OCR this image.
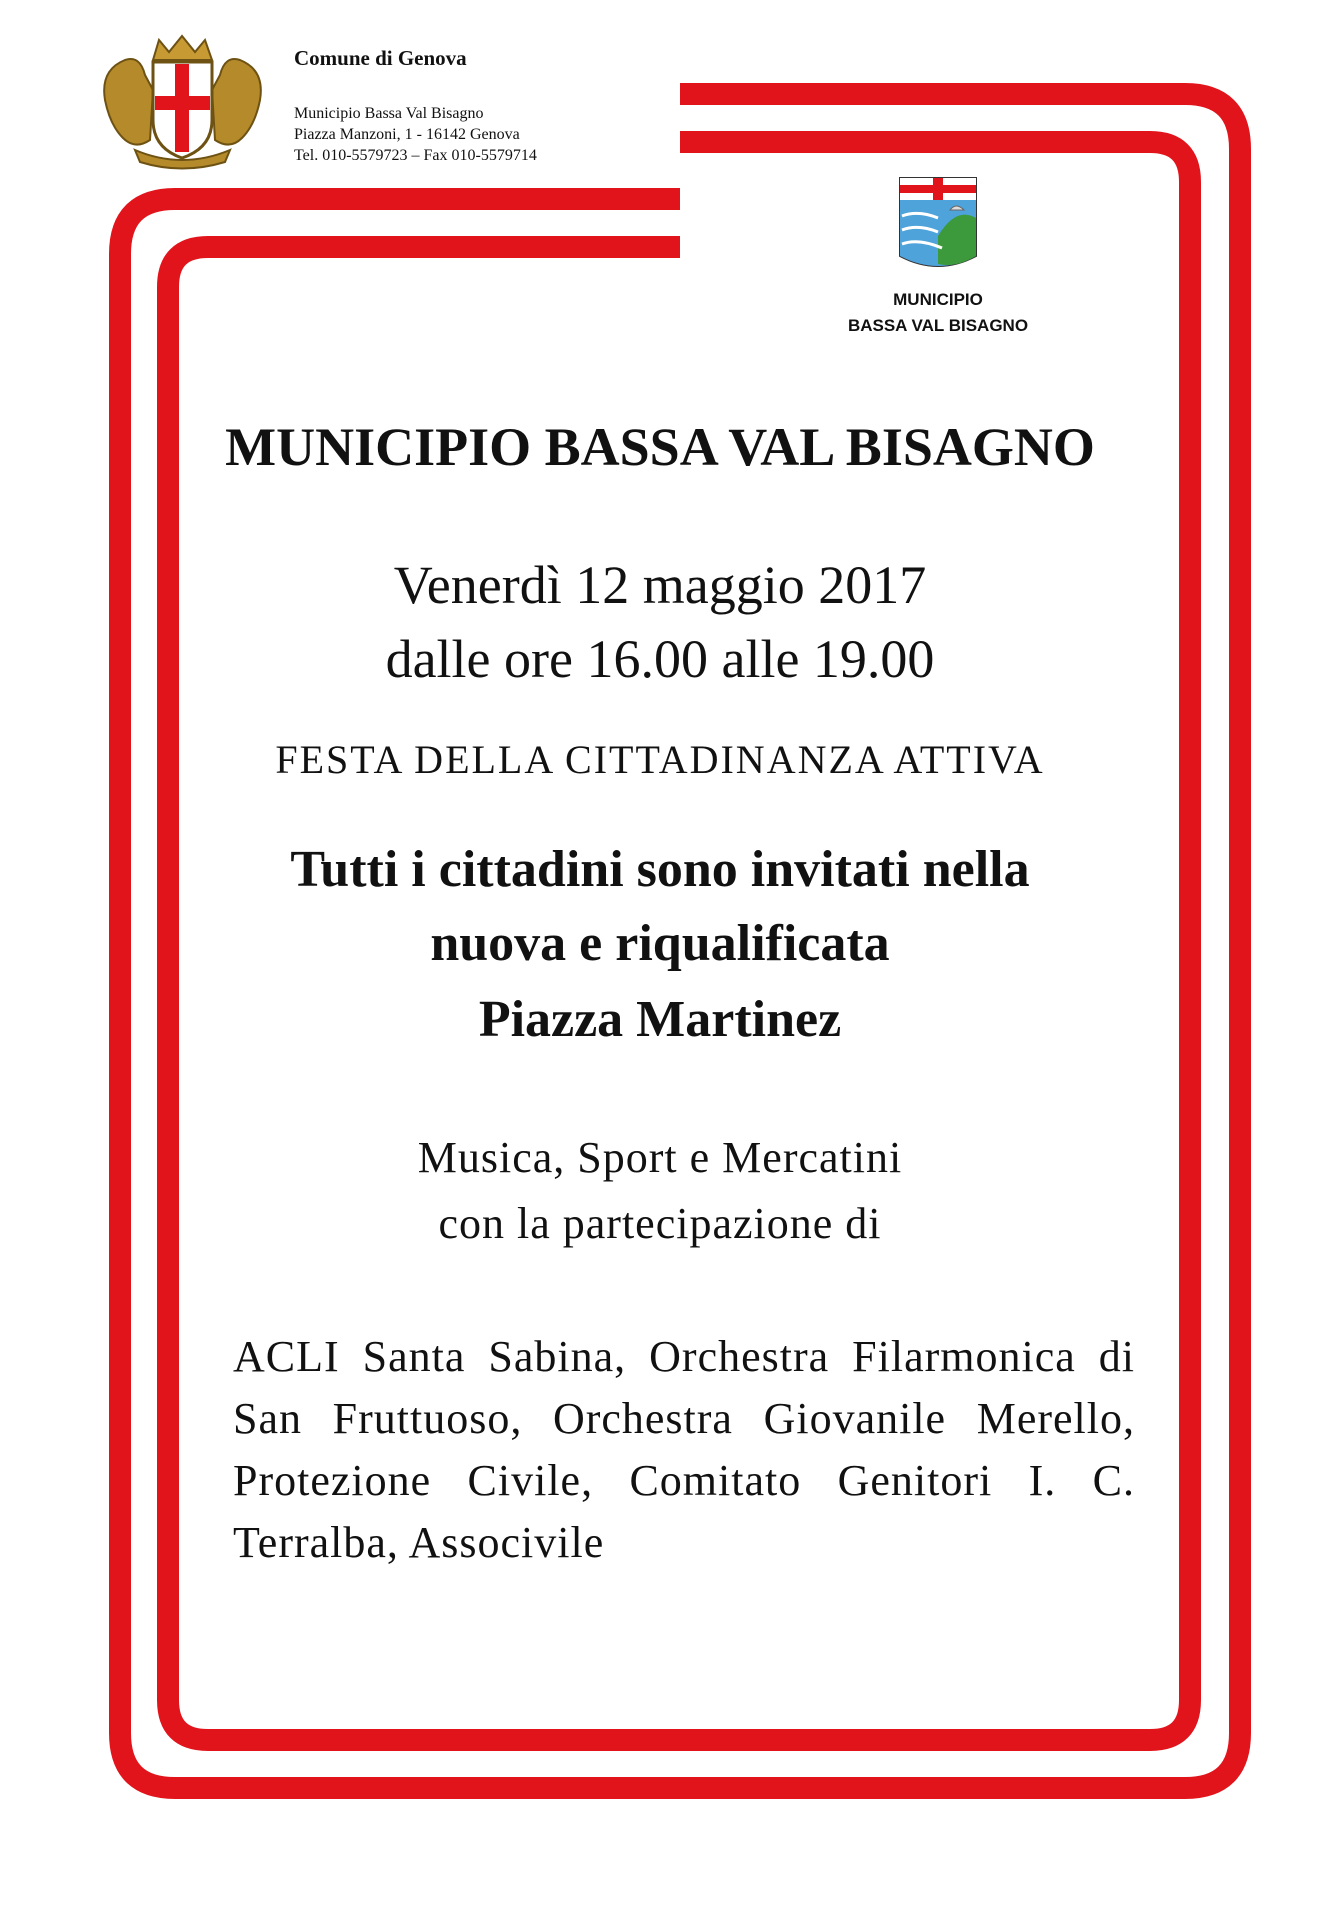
Comune di Genova
Municipio Bassa Val Bisagno
Piazza Manzoni, 1 - 16142 Genova
Tel. 010-5579723 – Fax 010-5579714
MUNICIPIO
BASSA VAL BISAGNO
MUNICIPIO BASSA VAL BISAGNO
Venerdì 12 maggio 2017
dalle ore 16.00 alle 19.00
FESTA DELLA CITTADINANZA ATTIVA
Tutti i cittadini sono invitati nella
nuova e riqualificata
Piazza Martinez
Musica, Sport e Mercatini
con la partecipazione di
ACLI Santa Sabina, Orchestra Filarmonica di San Fruttuoso, Orchestra Giovanile Merello, Protezione Civile, Comitato Genitori I. C. Terralba, Associvile
